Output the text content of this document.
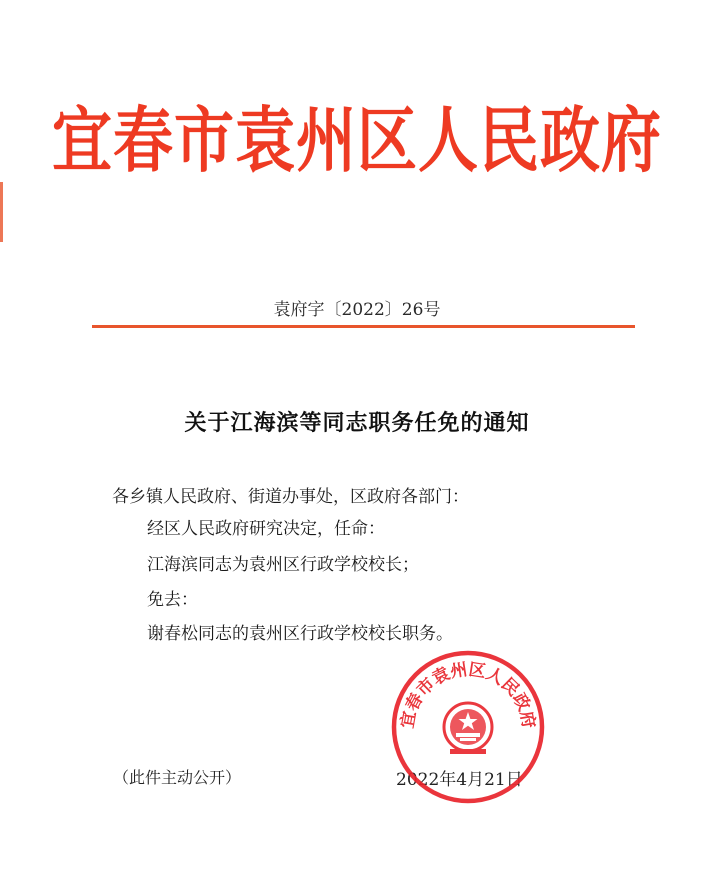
宜春市袁州区人民政府
袁府字〔2022〕26号
关于江海滨等同志职务任免的通知
各乡镇人民政府、街道办事处，区政府各部门：
经区人民政府研究决定，任命：
江海滨同志为袁州区行政学校校长；
免去：
谢春松同志的袁州区行政学校校长职务。
（此件主动公开）	2022年4月21日
宜春市袁州区人民政府
